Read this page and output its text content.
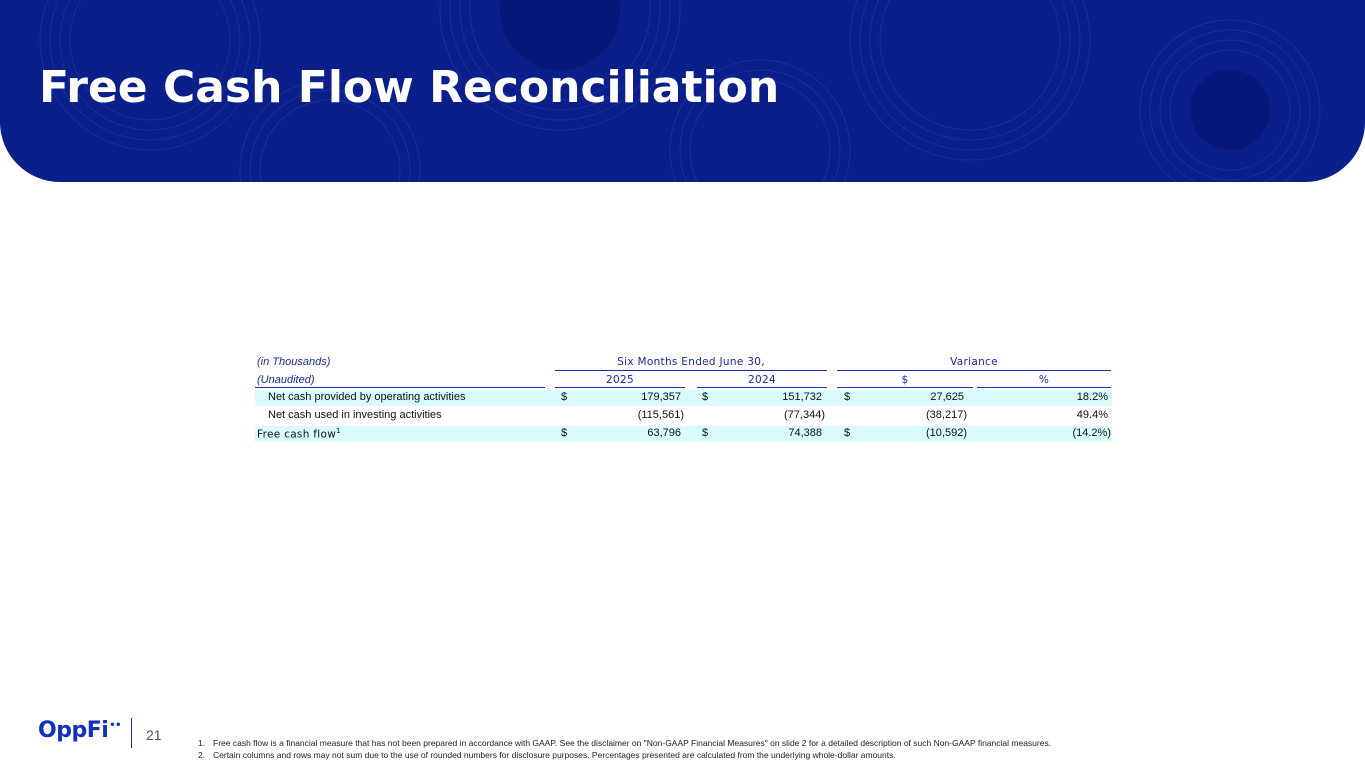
Free Cash Flow Reconciliation
(in Thousands)	Six Months Ended June 30,	Variance
(Unaudited)	2025	2024	$	%
Net cash provided by operating activities	$	179,357 $	151,732 $	27,625	18.2%
Net cash used in investing activities	(115,561)	(77,344)	(38,217)	49.4%
Free cash flow$^1$	$	63,796 $	74,388 $	(10,592)	(14.2%)
OppFi••
21	1. Free cash flow is a financial measure that has not been prepared in accordance with GAAP. See the disclaimer on "Non-GAAP Financial Measures" on slide 2 for a detailed description of such Non-GAAP financial measures.
2. Certain columns and rows may not sum due to the use of rounded numbers for disclosure purposes. Percentages presented are calculated from the underlying whole-dollar amounts.
